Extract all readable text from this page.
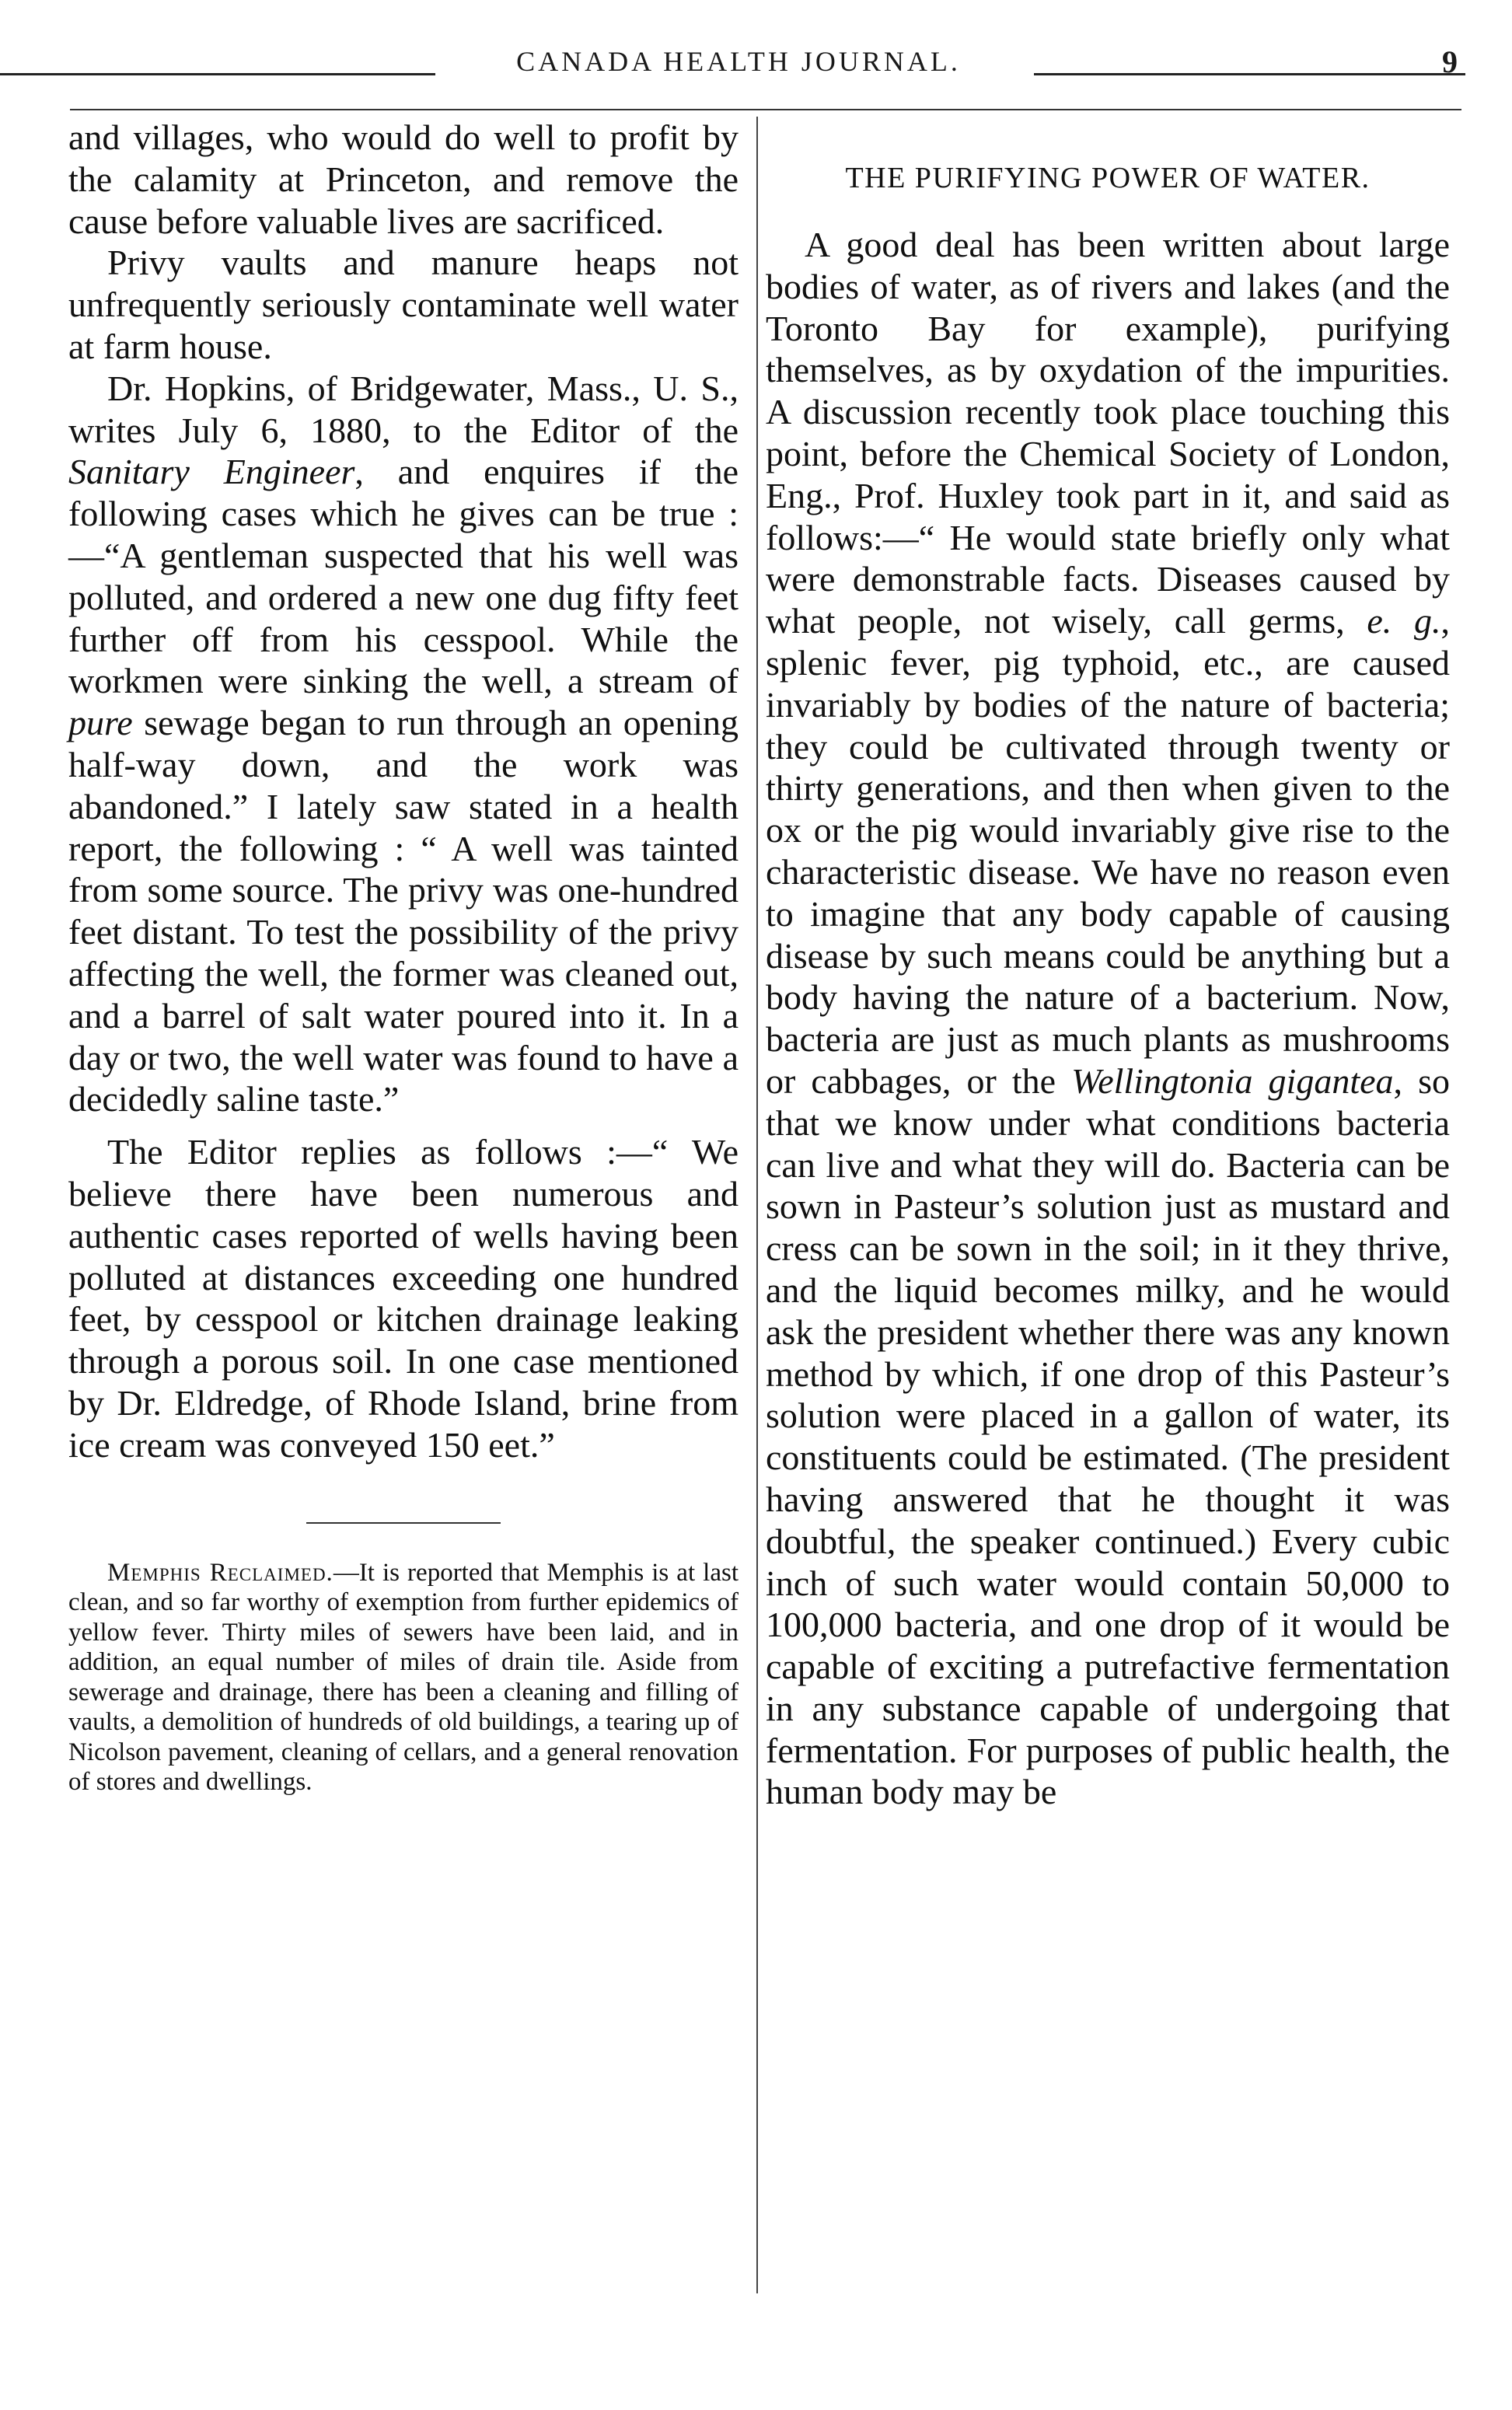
CANADA HEALTH JOURNAL.	9

and villages, who would do well to profit by the calamity at Princeton, and remove the cause before valuable lives are sacrificed.

Privy vaults and manure heaps not unfrequently seriously contaminate well water at farm house.

Dr. Hopkins, of Bridgewater, Mass., U. S., writes July 6, 1880, to the Editor of the Sanitary Engineer, and enquires if the following cases which he gives can be true :—“A gentleman suspected that his well was polluted, and ordered a new one dug fifty feet further off from his cesspool. While the workmen were sinking the well, a stream of pure sewage began to run through an opening half-way down, and the work was abandoned.” I lately saw stated in a health report, the following : “ A well was tainted from some source. The privy was one-hundred feet distant. To test the possibility of the privy affecting the well, the former was cleaned out, and a barrel of salt water poured into it. In a day or two, the well water was found to have a decidedly saline taste.”

The Editor replies as follows :—“ We believe there have been numerous and authentic cases reported of wells having been polluted at distances exceeding one hundred feet, by cesspool or kitchen drainage leaking through a porous soil. In one case mentioned by Dr. Eldredge, of Rhode Island, brine from ice cream was conveyed 150 eet.”

Memphis Reclaimed.—It is reported that Memphis is at last clean, and so far worthy of exemption from further epidemics of yellow fever. Thirty miles of sewers have been laid, and in addition, an equal number of miles of drain tile. Aside from sewerage and drainage, there has been a cleaning and filling of vaults, a demolition of hundreds of old buildings, a tearing up of Nicolson pavement, cleaning of cellars, and a general renovation of stores and dwellings.

THE PURIFYING POWER OF WATER.

A good deal has been written about large bodies of water, as of rivers and lakes (and the Toronto Bay for example), purifying themselves, as by oxydation of the impurities. A discussion recently took place touching this point, before the Chemical Society of London, Eng., Prof. Huxley took part in it, and said as follows:—“ He would state briefly only what were demonstrable facts. Diseases caused by what people, not wisely, call germs, e. g., splenic fever, pig typhoid, etc., are caused invariably by bodies of the nature of bacteria; they could be cultivated through twenty or thirty generations, and then when given to the ox or the pig would invariably give rise to the characteristic disease. We have no reason even to imagine that any body capable of causing disease by such means could be anything but a body having the nature of a bacterium. Now, bacteria are just as much plants as mushrooms or cabbages, or the Wellingtonia gigantea, so that we know under what conditions bacteria can live and what they will do. Bacteria can be sown in Pasteur’s solution just as mustard and cress can be sown in the soil; in it they thrive, and the liquid becomes milky, and he would ask the president whether there was any known method by which, if one drop of this Pasteur’s solution were placed in a gallon of water, its constituents could be estimated. (The president having answered that he thought it was doubtful, the speaker continued.) Every cubic inch of such water would contain 50,000 to 100,000 bacteria, and one drop of it would be capable of exciting a putrefactive fermentation in any substance capable of undergoing that fermentation. For purposes of public health, the human body may be
